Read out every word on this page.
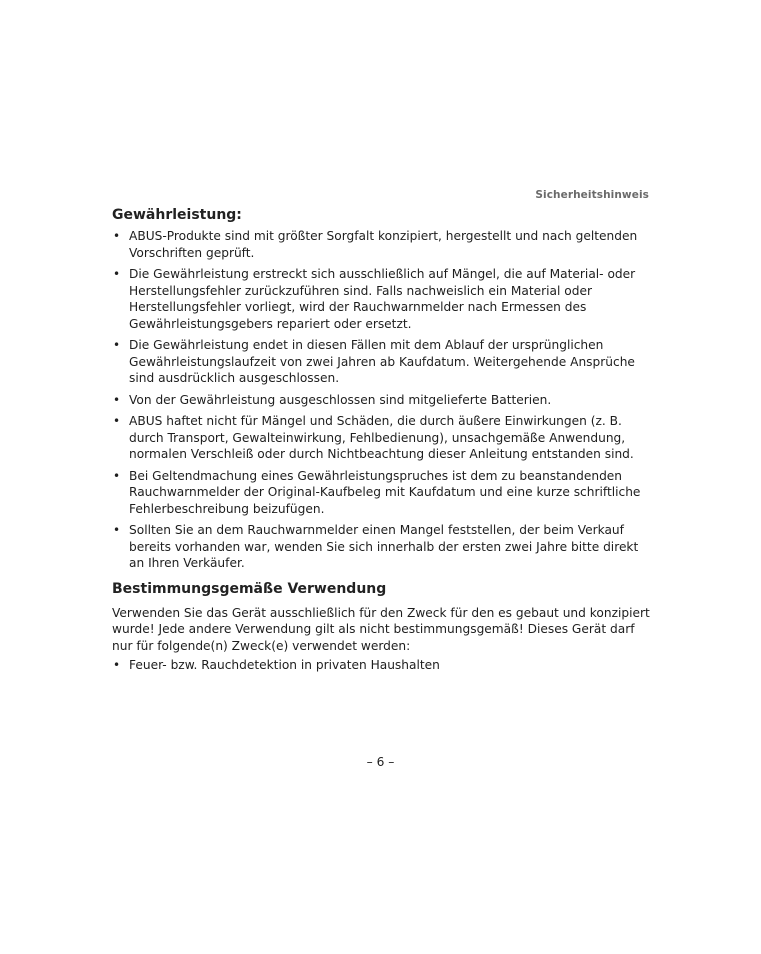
Sicherheitshinweis
Gewährleistung:
• ABUS-Produkte sind mit größter Sorgfalt konzipiert, hergestellt und nach geltenden Vorschriften geprüft.
• Die Gewährleistung erstreckt sich ausschließlich auf Mängel, die auf Material- oder Herstellungsfehler zurückzuführen sind. Falls nachweislich ein Material oder Herstellungsfehler vorliegt, wird der Rauchwarnmelder nach Ermessen des Gewährleistungsgebers repariert oder ersetzt.
• Die Gewährleistung endet in diesen Fällen mit dem Ablauf der ursprünglichen Gewährleistungslaufzeit von zwei Jahren ab Kaufdatum. Weitergehende Ansprüche sind ausdrücklich ausgeschlossen.
• Von der Gewährleistung ausgeschlossen sind mitgelieferte Batterien.
• ABUS haftet nicht für Mängel und Schäden, die durch äußere Einwirkungen (z. B. durch Transport, Gewalteinwirkung, Fehlbedienung), unsachgemäße Anwendung, normalen Verschleiß oder durch Nichtbeachtung dieser Anleitung entstanden sind.
• Bei Geltendmachung eines Gewährleistungspruches ist dem zu beanstandenden Rauchwarnmelder der Original-Kaufbeleg mit Kaufdatum und eine kurze schriftliche Fehlerbeschreibung beizufügen.
• Sollten Sie an dem Rauchwarnmelder einen Mangel feststellen, der beim Verkauf bereits vorhanden war, wenden Sie sich innerhalb der ersten zwei Jahre bitte direkt an Ihren Verkäufer.
Bestimmungsgemäße Verwendung

Verwenden Sie das Gerät ausschließlich für den Zweck für den es gebaut und konzipiert wurde! Jede andere Verwendung gilt als nicht bestimmungsgemäß! Dieses Gerät darf nur für folgende(n) Zweck(e) verwendet werden:

• Feuer- bzw. Rauchdetektion in privaten Haushalten
– 6 –
